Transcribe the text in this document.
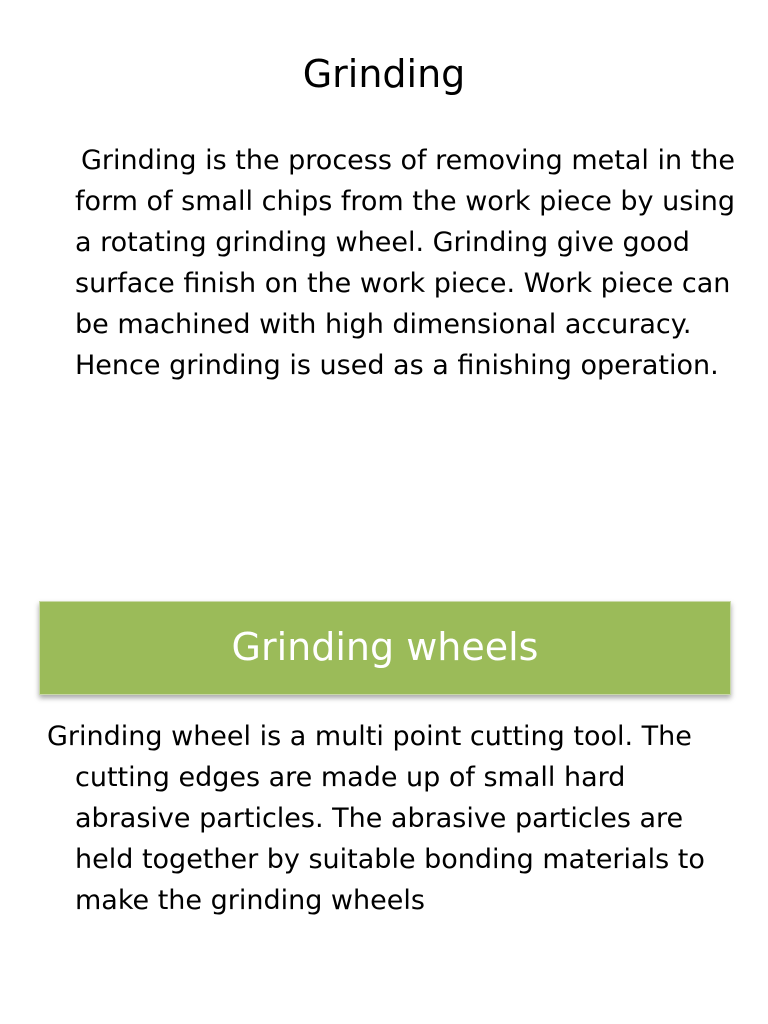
Grinding

Grinding is the process of removing metal in the form of small chips from the work piece by using a rotating grinding wheel. Grinding give good surface finish on the work piece. Work piece can be machined with high dimensional accuracy. Hence grinding is used as a finishing operation.

Grinding wheels

Grinding wheel is a multi point cutting tool. The cutting edges are made up of small hard abrasive particles. The abrasive particles are held together by suitable bonding materials to make the grinding wheels
